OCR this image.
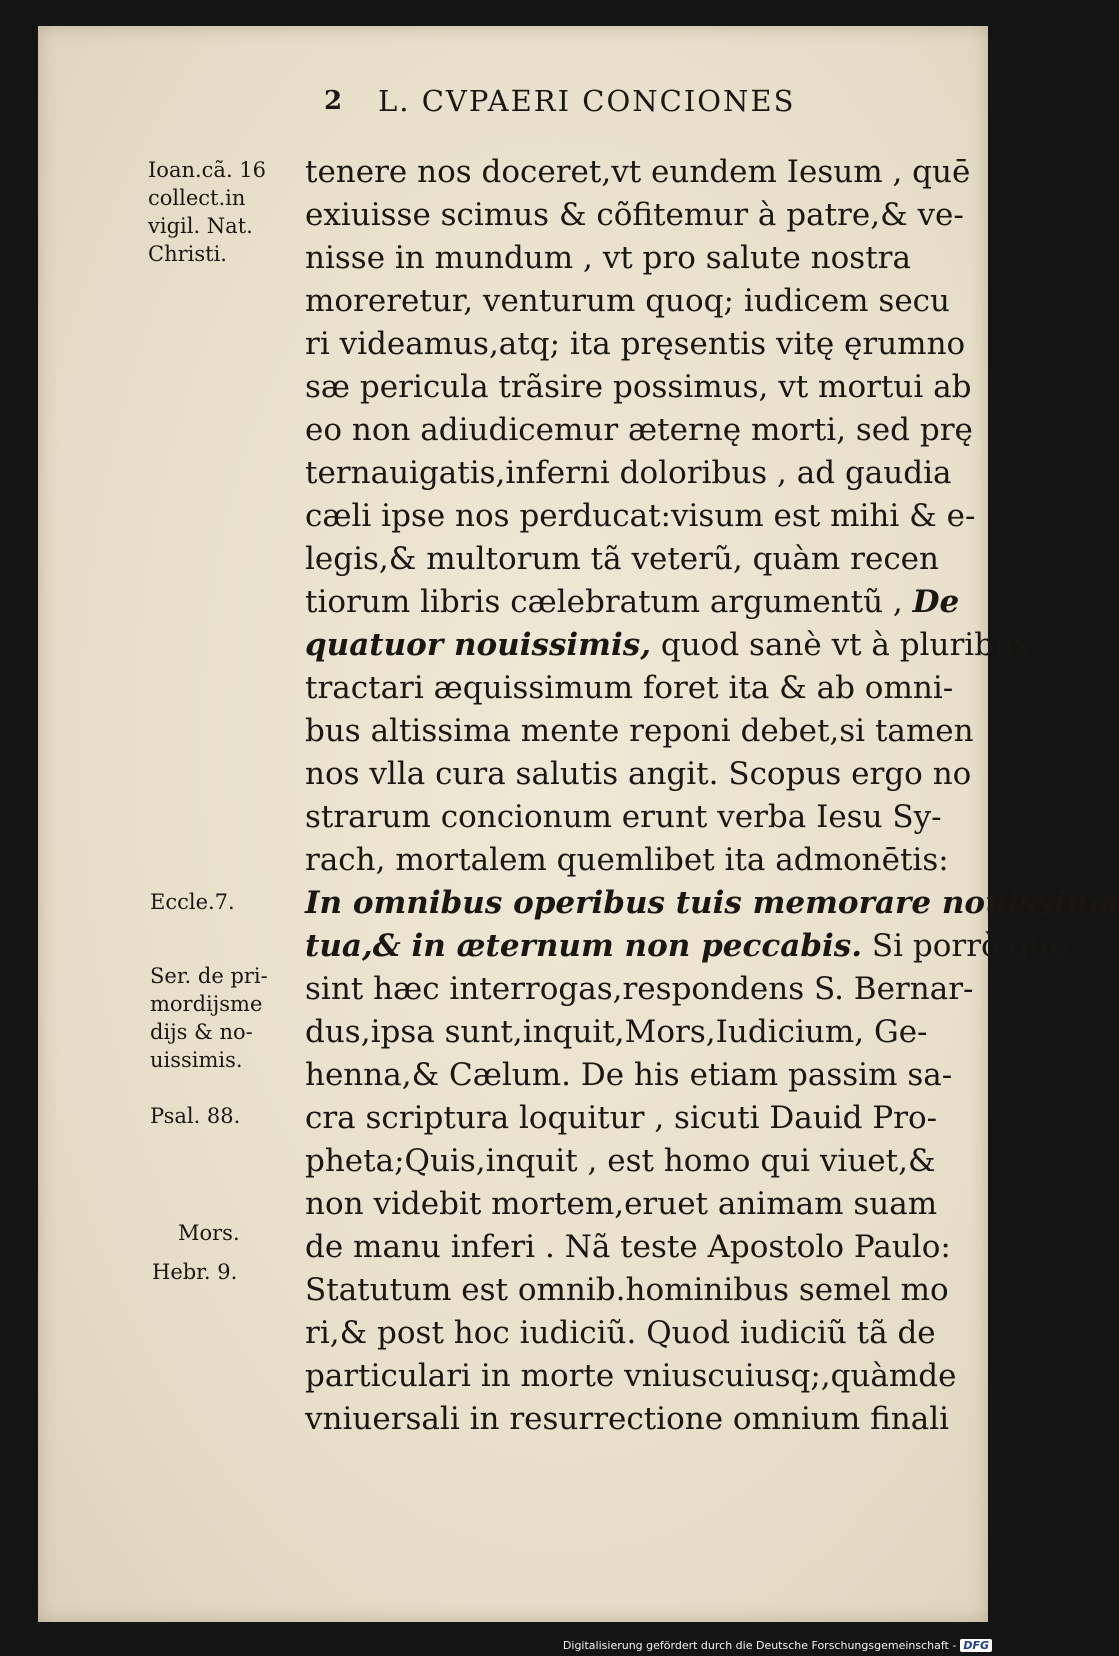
2 L. CVPAERI CONCIONES
Ioan.cã. 16
collect.in
vigil. Nat.
Christi.
Eccle.7.
Ser. de pri-
mordijsme
dijs & no-
uissimis.
Psal. 88.
Mors.
Hebr. 9.
tenere nos doceret,vt eundem Iesum , quē
exiuisse scimus & cõfitemur à patre,& ve-
nisse in mundum , vt pro salute nostra
moreretur, venturum quoq; iudicem secu
ri videamus,atq; ita pręsentis vitę ęrumno
sæ pericula trãsire possimus, vt mortui ab
eo non adiudicemur æternę morti, sed prę
ternauigatis,inferni doloribus , ad gaudia
cæli ipse nos perducat:visum est mihi & e-
legis,& multorum tã veterũ, quàm recen
tiorum libris cælebratum argumentũ , De
quatuor nouissimis, quod sanè vt à pluribus
tractari æquissimum foret ita & ab omni-
bus altissima mente reponi debet,si tamen
nos vlla cura salutis angit. Scopus ergo no
strarum concionum erunt verba Iesu Sy-
rach, mortalem quemlibet ita admonētis:
In omnibus operibus tuis memorare nouissima
tua,& in æternum non peccabis. Si porrò quę
sint hæc interrogas,respondens S. Bernar-
dus,ipsa sunt,inquit,Mors,Iudicium, Ge-
henna,& Cælum. De his etiam passim sa-
cra scriptura loquitur , sicuti Dauid Pro-
pheta;Quis,inquit , est homo qui viuet,&
non videbit mortem,eruet animam suam
de manu inferi . Nã teste Apostolo Paulo:
Statutum est omnib.hominibus semel mo
ri,& post hoc iudiciũ. Quod iudiciũ tã de
particulari in morte vniuscuiusq;,quàmde
vniuersali in resurrectione omnium finali
Digitalisierung gefördert durch die Deutsche Forschungsgemeinschaft - DFG
